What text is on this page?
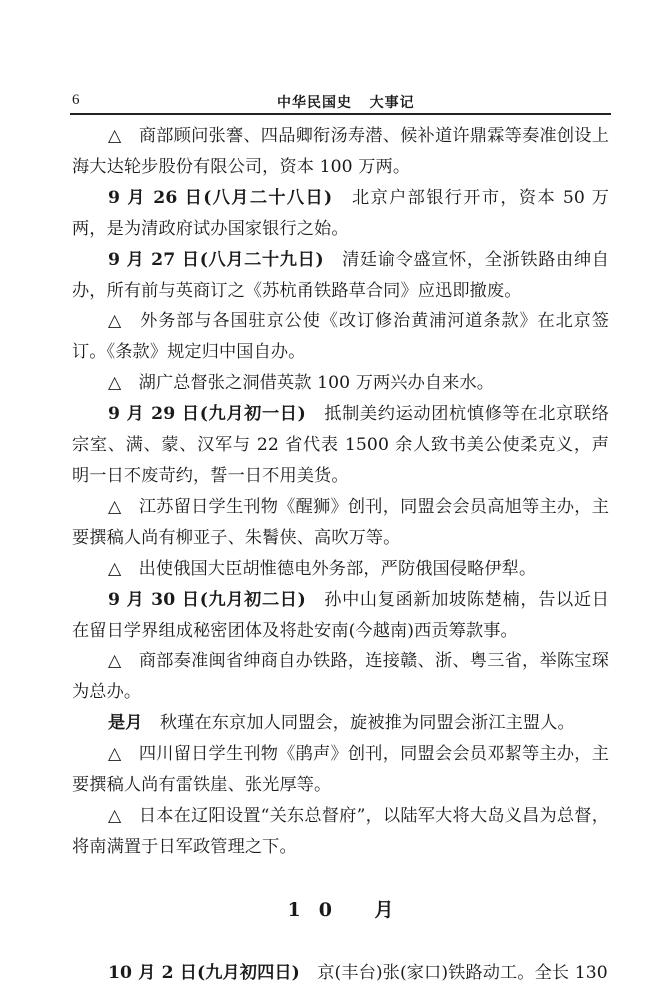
6	中华民国史   大事记

△　 商部顾问张謇、四品卿衔汤寿潜、候补道许鼎霖等奏准创设上海大达轮步股份有限公司，资本 100 万两。

9 月 26 日(八月二十八日)　 北京户部银行开市，资本 50 万两，是为清政府试办国家银行之始。

9 月 27 日(八月二十九日)　 清廷谕令盛宣怀，全浙铁路由绅自办，所有前与英商订之《苏杭甬铁路草合同》应迅即撤废。

△　 外务部与各国驻京公使《改订修治黄浦河道条款》在北京签订。《条款》规定归中国自办。

△　 湖广总督张之洞借英款 100 万两兴办自来水。

9 月 29 日(九月初一日)　 抵制美约运动团杭慎修等在北京联络宗室、满、蒙、汉军与 22 省代表 1500 余人致书美公使柔克义，声明一日不废苛约，誓一日不用美货。

△　 江苏留日学生刊物《醒狮》创刊，同盟会会员高旭等主办，主要撰稿人尚有柳亚子、朱鬌侠、高吹万等。

△　 出使俄国大臣胡惟德电外务部，严防俄国侵略伊犁。

9 月 30 日(九月初二日)　 孙中山复函新加坡陈楚楠，告以近日在留日学界组成秘密团体及将赴安南(今越南)西贡筹款事。

△　 商部奏准闽省绅商自办铁路，连接赣、浙、粤三省，举陈宝琛为总办。

是月　 秋瑾在东京加人同盟会，旋被推为同盟会浙江主盟人。

△　 四川留日学生刊物《鹃声》创刊，同盟会会员邓絜等主办，主要撰稿人尚有雷铁崖、张光厚等。

△　 日本在辽阳设置“关东总督府”，以陆军大将大岛义昌为总督，将南满置于日军政管理之下。

10 月

10 月 2 日(九月初四日)　 京(丰台)张(家口)铁路动工。全长 130
